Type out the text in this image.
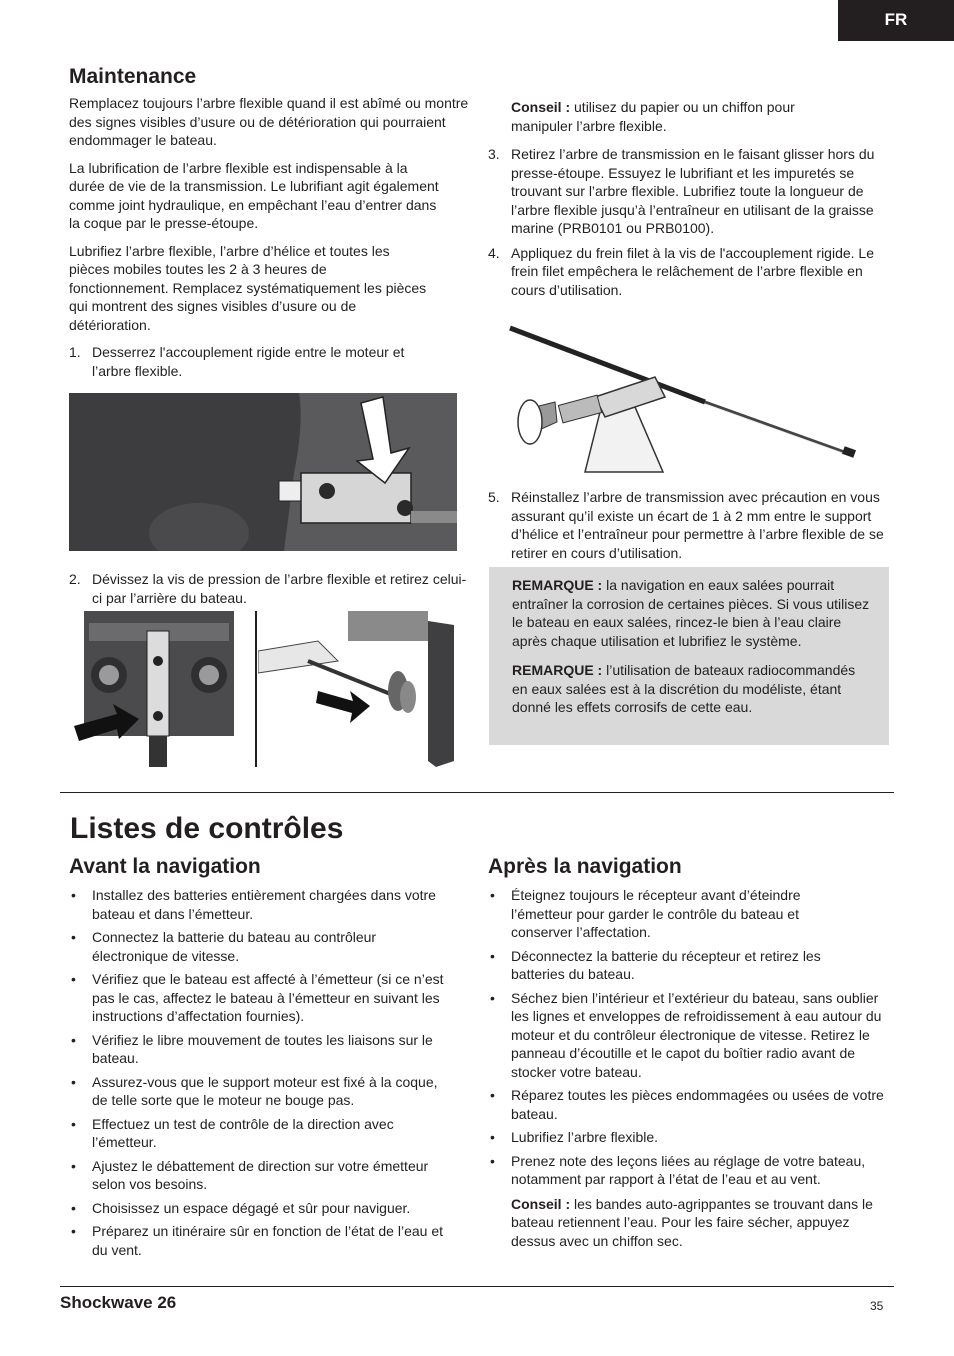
FR
Maintenance

Remplacez toujours l’arbre flexible quand il est abîmé ou montre des signes visibles d’usure ou de détérioration qui pourraient endommager le bateau.

La lubrification de l’arbre flexible est indispensable à la durée de vie de la transmission. Le lubrifiant agit également comme joint hydraulique, en empêchant l’eau d’entrer dans la coque par le presse-étoupe.

Lubrifiez l’arbre flexible, l’arbre d’hélice et toutes les pièces mobiles toutes les 2 à 3 heures de fonctionnement. Remplacez systématiquement les pièces qui montrent des signes visibles d’usure ou de détérioration.

1. Desserrez l'accouplement rigide entre le moteur et l’arbre flexible.
2. Dévissez la vis de pression de l’arbre flexible et retirez celui-ci par l’arrière du bateau.

Conseil : utilisez du papier ou un chiffon pour manipuler l’arbre flexible.

3. Retirez l’arbre de transmission en le faisant glisser hors du presse-étoupe. Essuyez le lubrifiant et les impuretés se trouvant sur l’arbre flexible. Lubrifiez toute la longueur de l’arbre flexible jusqu’à l’entraîneur en utilisant de la graisse marine (PRB0101 ou PRB0100).
4. Appliquez du frein filet à la vis de l'accouplement rigide. Le frein filet empêchera le relâchement de l’arbre flexible en cours d’utilisation.
5. Réinstallez l’arbre de transmission avec précaution en vous assurant qu’il existe un écart de 1 à 2 mm entre le support d’hélice et l’entraîneur pour permettre à l’arbre flexible de se retirer en cours d’utilisation.

REMARQUE : la navigation en eaux salées pourrait entraîner la corrosion de certaines pièces. Si vous utilisez le bateau en eaux salées, rincez-le bien à l’eau claire après chaque utilisation et lubrifiez le système.

REMARQUE : l’utilisation de bateaux radiocommandés en eaux salées est à la discrétion du modéliste, étant donné les effets corrosifs de cette eau.

Listes de contrôles
Avant la navigation
• Installez des batteries entièrement chargées dans votre bateau et dans l’émetteur.
• Connectez la batterie du bateau au contrôleur électronique de vitesse.
• Vérifiez que le bateau est affecté à l’émetteur (si ce n’est pas le cas, affectez le bateau à l’émetteur en suivant les instructions d’affectation fournies).
• Vérifiez le libre mouvement de toutes les liaisons sur le bateau.
• Assurez-vous que le support moteur est fixé à la coque, de telle sorte que le moteur ne bouge pas.
• Effectuez un test de contrôle de la direction avec l’émetteur.
• Ajustez le débattement de direction sur votre émetteur selon vos besoins.
• Choisissez un espace dégagé et sûr pour naviguer.
• Préparez un itinéraire sûr en fonction de l’état de l’eau et du vent.
Après la navigation
• Éteignez toujours le récepteur avant d’éteindre l’émetteur pour garder le contrôle du bateau et conserver l’affectation.
• Déconnectez la batterie du récepteur et retirez les batteries du bateau.
• Séchez bien l’intérieur et l’extérieur du bateau, sans oublier les lignes et enveloppes de refroidissement à eau autour du moteur et du contrôleur électronique de vitesse. Retirez le panneau d’écoutille et le capot du boîtier radio avant de stocker votre bateau.
• Réparez toutes les pièces endommagées ou usées de votre bateau.
• Lubrifiez l’arbre flexible.
• Prenez note des leçons liées au réglage de votre bateau, notamment par rapport à l’état de l’eau et au vent.

Conseil : les bandes auto-agrippantes se trouvant dans le bateau retiennent l’eau. Pour les faire sécher, appuyez dessus avec un chiffon sec.

Shockwave 26	35
